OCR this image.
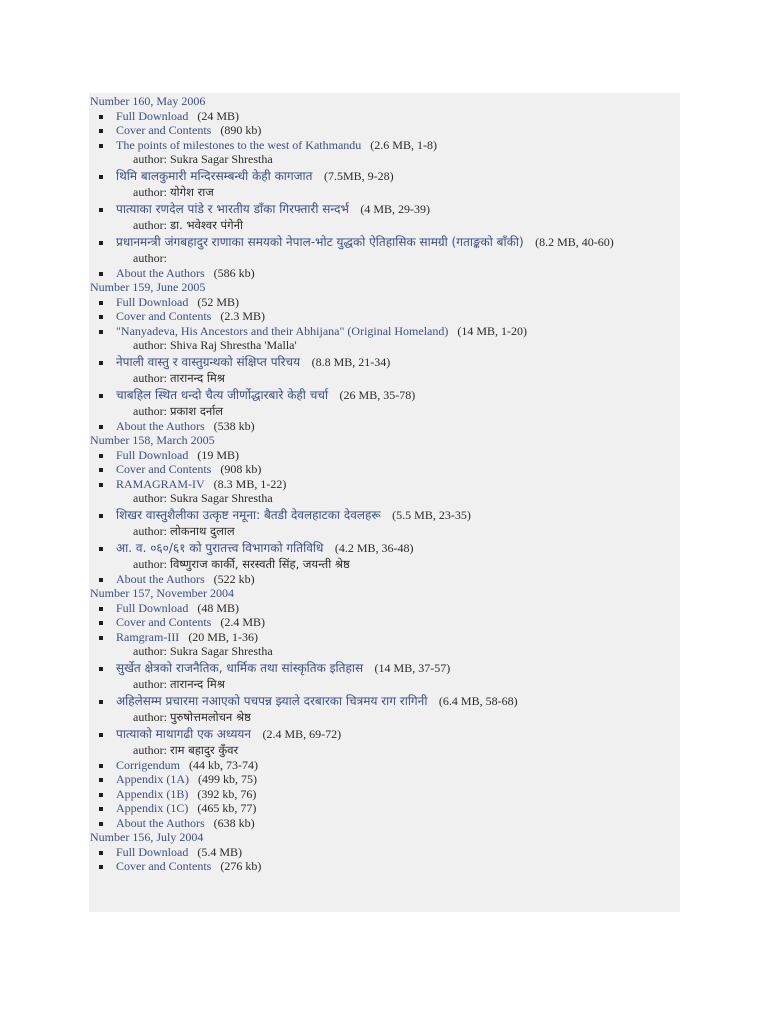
Number 160, May 2006
Full Download (24 MB)
Cover and Contents (890 kb)
The points of milestones to the west of Kathmandu (2.6 MB, 1-8)
author: Sukra Sagar Shrestha
थिमि बालकुमारी मन्दिरसम्बन्धी केही कागजात (7.5MB, 9-28)
author: योगेश राज
पात्याका रणदेल पांडे र भारतीय डाँका गिरफ्तारी सन्दर्भ (4 MB, 29-39)
author: डा. भवेश्वर पंगेनी
प्रधानमन्त्री जंगबहादुर राणाका समयको नेपाल-भोट युद्धको ऐतिहासिक सामग्री (गताङ्कको बाँकी) (8.2 MB, 40-60)
author:
About the Authors (586 kb)
Number 159, June 2005
Full Download (52 MB)
Cover and Contents (2.3 MB)
"Nanyadeva, His Ancestors and their Abhijana" (Original Homeland) (14 MB, 1-20)
author: Shiva Raj Shrestha 'Malla'
नेपाली वास्तु र वास्तुग्रन्थको संक्षिप्त परिचय (8.8 MB, 21-34)
author: तारानन्द मिश्र
चाबहिल स्थित धन्दो चैत्य जीर्णोद्धारबारे केही चर्चा (26 MB, 35-78)
author: प्रकाश दर्नाल
About the Authors (538 kb)
Number 158, March 2005
Full Download (19 MB)
Cover and Contents (908 kb)
RAMAGRAM-IV (8.3 MB, 1-22)
author: Sukra Sagar Shrestha
शिखर वास्तुशैलीका उत्कृष्ट नमूना: बैतडी देवलहाटका देवलहरू (5.5 MB, 23-35)
author: लोकनाथ दुलाल
आ. व. ०६०/६१ को पुरातत्त्व विभागको गतिविधि (4.2 MB, 36-48)
author: विष्णुराज कार्की, सरस्वती सिंह, जयन्ती श्रेष्ठ
About the Authors (522 kb)
Number 157, November 2004
Full Download (48 MB)
Cover and Contents (2.4 MB)
Ramgram-III (20 MB, 1-36)
author: Sukra Sagar Shrestha
सुर्खेत क्षेत्रको राजनैतिक, धार्मिक तथा सांस्कृतिक इतिहास (14 MB, 37-57)
author: तारानन्द मिश्र
अहिलेसम्म प्रचारमा नआएको पचपन्न झ्याले दरबारका चित्रमय राग रागिनी (6.4 MB, 58-68)
author: पुरुषोत्तमलोचन श्रेष्ठ
पात्याको माथागढी एक अध्ययन (2.4 MB, 69-72)
author: राम बहादुर कुँवर
Corrigendum (44 kb, 73-74)
Appendix (1A) (499 kb, 75)
Appendix (1B) (392 kb, 76)
Appendix (1C) (465 kb, 77)
About the Authors (638 kb)
Number 156, July 2004
Full Download (5.4 MB)
Cover and Contents (276 kb)
